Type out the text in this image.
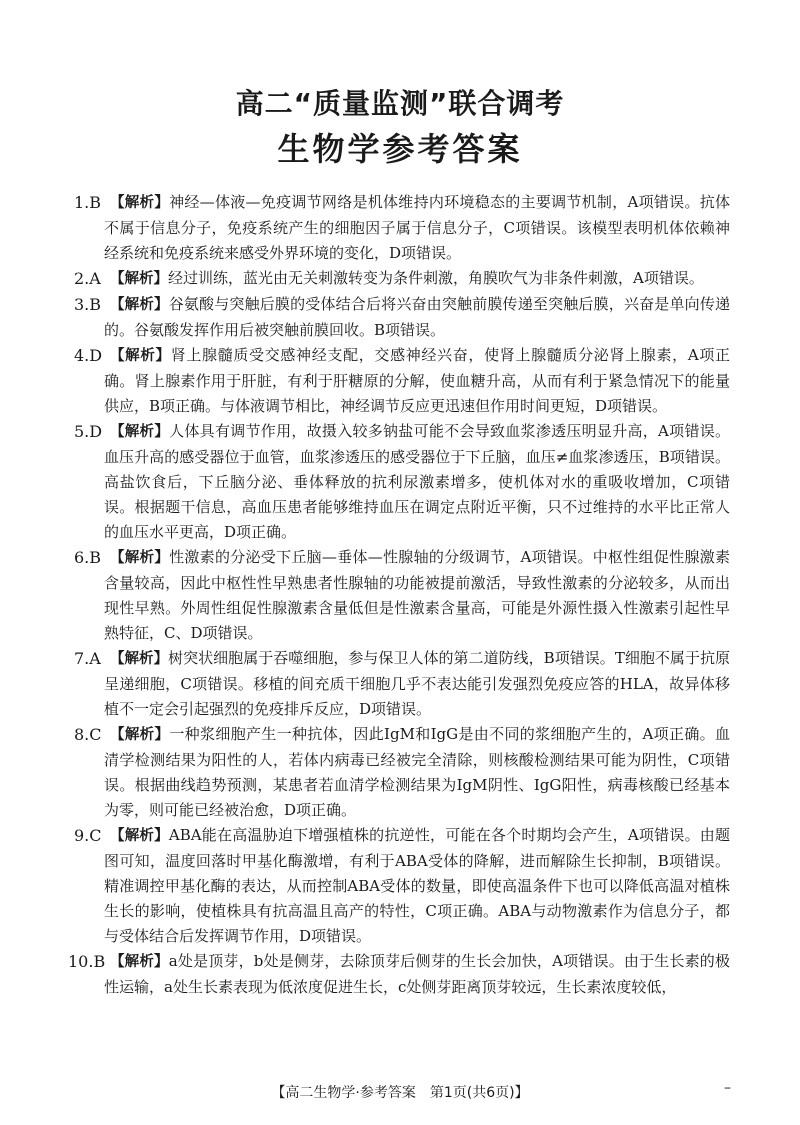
高二“质量监测”联合调考
生物学参考答案
1.B 【解析】神经—体液—免疫调节网络是机体维持内环境稳态的主要调节机制，A项错误。抗体不属于信息分子，免疫系统产生的细胞因子属于信息分子，C项错误。该模型表明机体依赖神经系统和免疫系统来感受外界环境的变化，D项错误。
2.A 【解析】经过训练，蓝光由无关刺激转变为条件刺激，角膜吹气为非条件刺激，A项错误。
3.B 【解析】谷氨酸与突触后膜的受体结合后将兴奋由突触前膜传递至突触后膜，兴奋是单向传递的。谷氨酸发挥作用后被突触前膜回收。B项错误。
4.D 【解析】肾上腺髓质受交感神经支配，交感神经兴奋，使肾上腺髓质分泌肾上腺素，A项正确。肾上腺素作用于肝脏，有利于肝糖原的分解，使血糖升高，从而有利于紧急情况下的能量供应，B项正确。与体液调节相比，神经调节反应更迅速但作用时间更短，D项错误。
5.D 【解析】人体具有调节作用，故摄入较多钠盐可能不会导致血浆渗透压明显升高，A项错误。血压升高的感受器位于血管，血浆渗透压的感受器位于下丘脑，血压≠血浆渗透压，B项错误。高盐饮食后，下丘脑分泌、垂体释放的抗利尿激素增多，使机体对水的重吸收增加，C项错误。根据题干信息，高血压患者能够维持血压在调定点附近平衡，只不过维持的水平比正常人的血压水平更高，D项正确。
6.B 【解析】性激素的分泌受下丘脑—垂体—性腺轴的分级调节，A项错误。中枢性组促性腺激素含量较高，因此中枢性性早熟患者性腺轴的功能被提前激活，导致性激素的分泌较多，从而出现性早熟。外周性组促性腺激素含量低但是性激素含量高，可能是外源性摄入性激素引起性早熟特征，C、D项错误。
7.A 【解析】树突状细胞属于吞噬细胞，参与保卫人体的第二道防线，B项错误。T细胞不属于抗原呈递细胞，C项错误。移植的间充质干细胞几乎不表达能引发强烈免疫应答的HLA，故异体移植不一定会引起强烈的免疫排斥反应，D项错误。
8.C 【解析】一种浆细胞产生一种抗体，因此IgM和IgG是由不同的浆细胞产生的，A项正确。血清学检测结果为阳性的人，若体内病毒已经被完全清除，则核酸检测结果可能为阴性，C项错误。根据曲线趋势预测，某患者若血清学检测结果为IgM阴性、IgG阳性，病毒核酸已经基本为零，则可能已经被治愈，D项正确。
9.C 【解析】ABA能在高温胁迫下增强植株的抗逆性，可能在各个时期均会产生，A项错误。由题图可知，温度回落时甲基化酶激增，有利于ABA受体的降解，进而解除生长抑制，B项错误。精准调控甲基化酶的表达，从而控制ABA受体的数量，即使高温条件下也可以降低高温对植株生长的影响，使植株具有抗高温且高产的特性，C项正确。ABA与动物激素作为信息分子，都与受体结合后发挥调节作用，D项错误。
10.B 【解析】a处是顶芽，b处是侧芽，去除顶芽后侧芽的生长会加快，A项错误。由于生长素的极性运输，a处生长素表现为低浓度促进生长，c处侧芽距离顶芽较远，生长素浓度较低，
【高二生物学·参考答案　第1页(共6页)】	–
